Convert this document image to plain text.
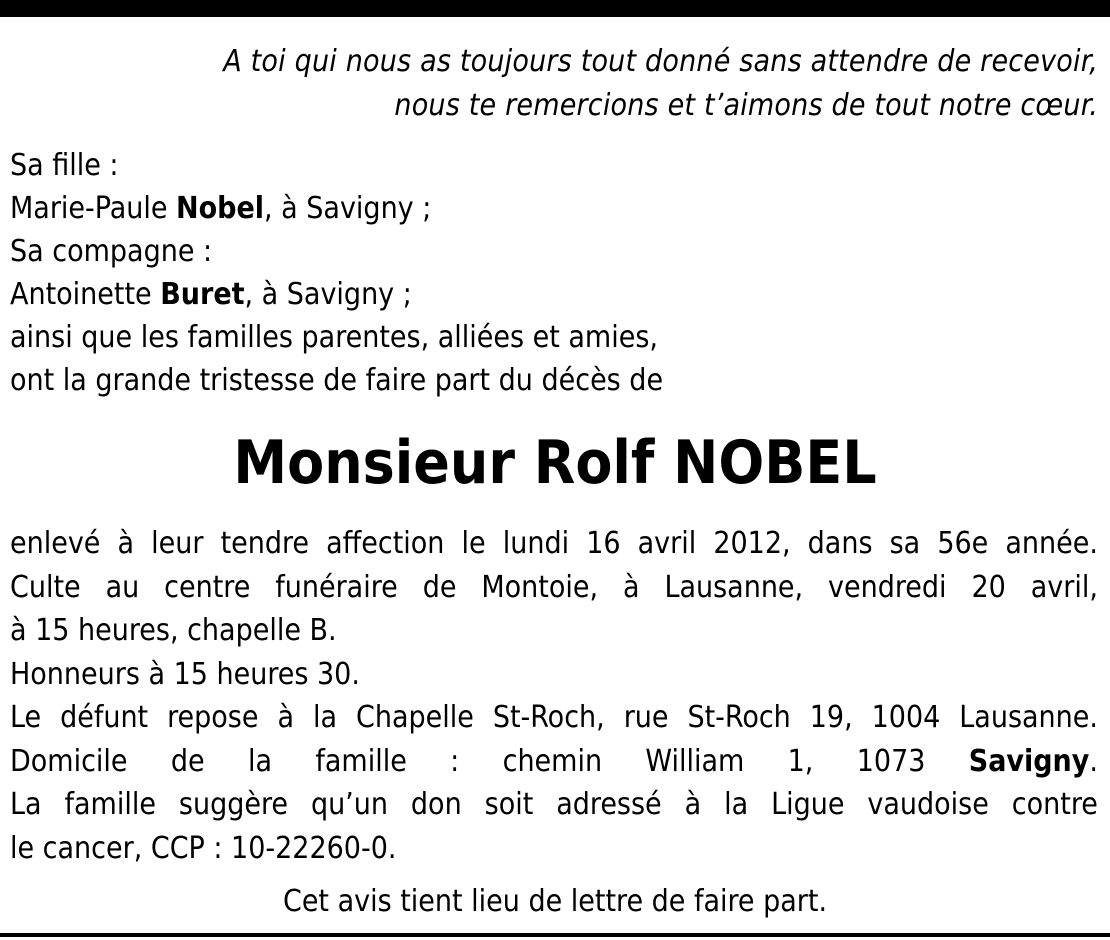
A toi qui nous as toujours tout donné sans attendre de recevoir,
nous te remercions et t’aimons de tout notre cœur.
Sa fille :
Marie-Paule Nobel, à Savigny ;
Sa compagne :
Antoinette Buret, à Savigny ;
ainsi que les familles parentes, alliées et amies,
ont la grande tristesse de faire part du décès de
Monsieur Rolf NOBEL
enlevé à leur tendre affection le lundi 16 avril 2012, dans sa 56e année.
Culte au centre funéraire de Montoie, à Lausanne, vendredi 20 avril,
à 15 heures, chapelle B.
Honneurs à 15 heures 30.
Le défunt repose à la Chapelle St-Roch, rue St-Roch 19, 1004 Lausanne.
Domicile de la famille : chemin William 1, 1073 Savigny.
La famille suggère qu’un don soit adressé à la Ligue vaudoise contre
le cancer, CCP : 10-22260-0.
Cet avis tient lieu de lettre de faire part.
